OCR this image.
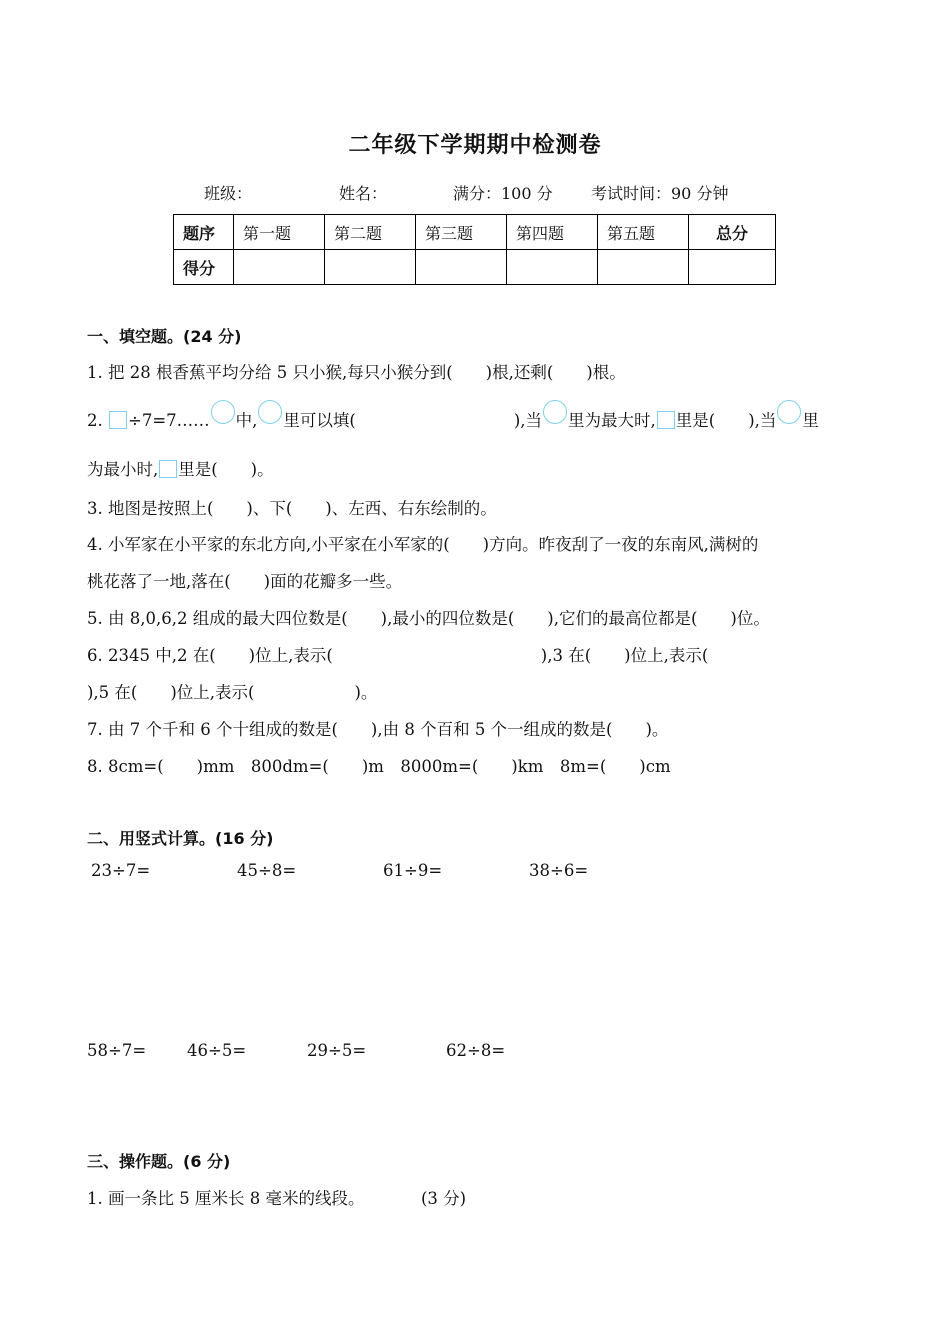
二年级下学期期中检测卷
班级：	姓名：	满分：100 分 考试时间：90 分钟
题序	第一题	第二题	第三题	第四题	第五题	总分
得分						
一、填空题。(24 分)
1. 把 28 根香蕉平均分给 5 只小猴,每只小猴分到(　　)根,还剩(　　)根。
2. ÷7=7…… 中, 里可以填(	),当 里为最大时, 里是(　　),当 里
为最小时, 里是(　　)。
3. 地图是按照上(　　)、下(　　)、左西、右东绘制的。
4. 小军家在小平家的东北方向,小平家在小军家的(　　)方向。昨夜刮了一夜的东南风,满树的
桃花落了一地,落在(　　)面的花瓣多一些。
5. 由 8,0,6,2 组成的最大四位数是(　　),最小的四位数是(　　),它们的最高位都是(　　)位。
6. 2345 中,2 在(　　)位上,表示(	),3 在(　　)位上,表示(
),5 在(　　)位上,表示(	)。
7. 由 7 个千和 6 个十组成的数是(　　),由 8 个百和 5 个一组成的数是(　　)。
8. 8cm=(　　)mm　800dm=(　　)m　8000m=(　　)km　8m=(　　)cm
二、用竖式计算。(16 分)
23÷7=	45÷8=	61÷9=	38÷6=
58÷7= 46÷5=	29÷5=	62÷8=
三、操作题。(6 分)
1. 画一条比 5 厘米长 8 毫米的线段。	(3 分)
